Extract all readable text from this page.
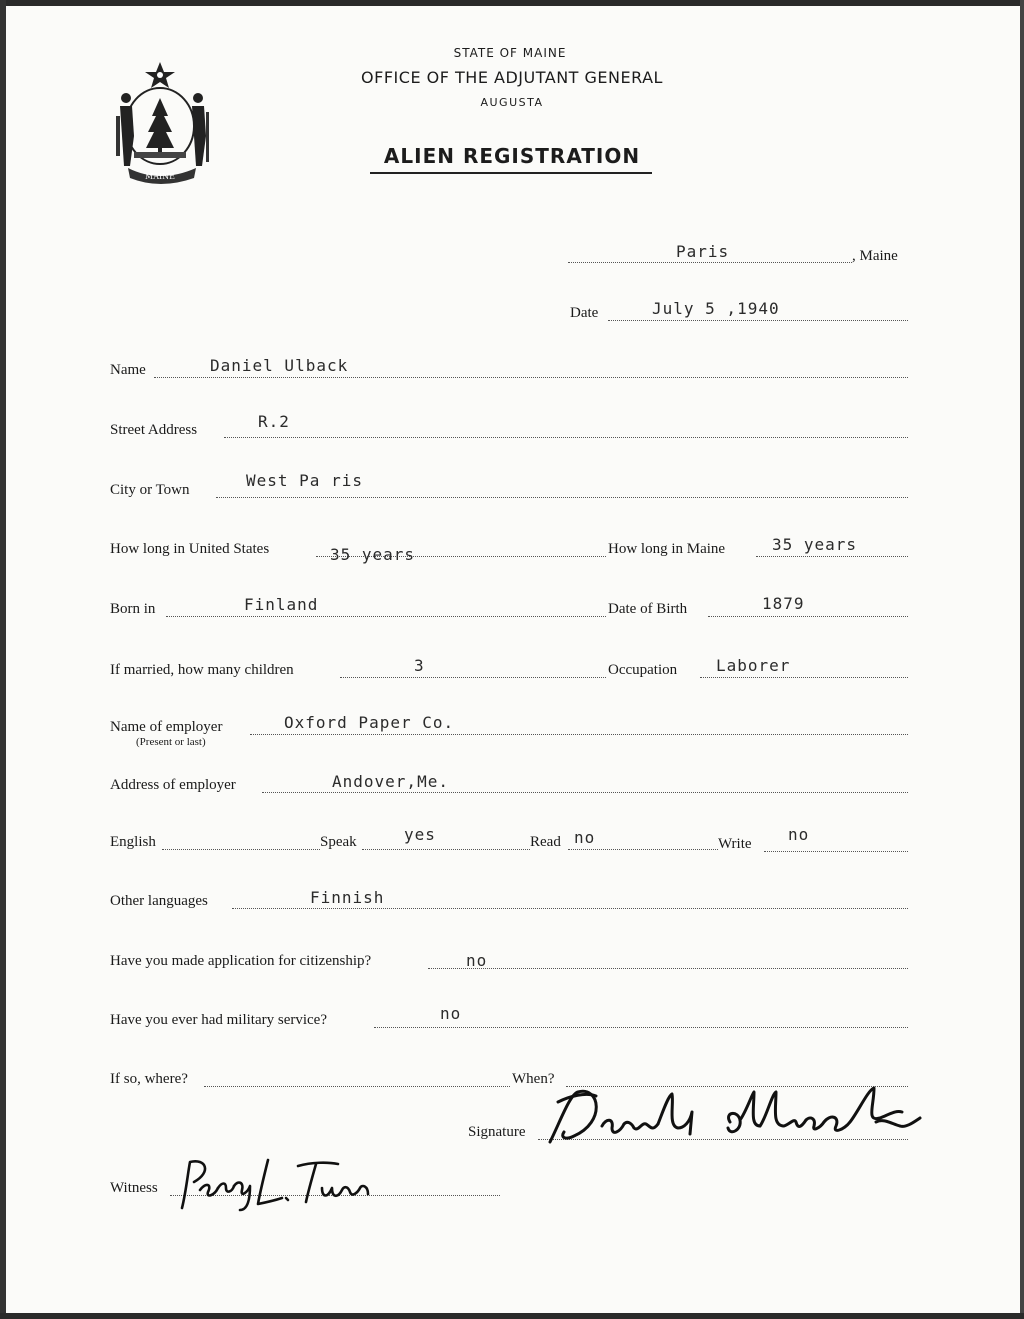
MAINE
STATE OF MAINE
OFFICE OF THE ADJUTANT GENERAL
AUGUSTA
ALIEN REGISTRATION
Paris	, Maine
Date	July 5 ,1940
Name	Daniel Ulback
Street Address	R.2
City or Town	West Pa ris
How long in United States	35 years	How long in Maine	35 years
Born in	Finland	Date of Birth	1879
If married, how many children	3	Occupation Laborer
Name of employer
(Present or last)
Oxford Paper Co.
Address of employer	Andover,Me.
English	Speak	yes	Read no	Write no
Other languages	Finnish
Have you made application for citizenship?	no
Have you ever had military service?	no
If so, where?	When?
Signature
Witness
